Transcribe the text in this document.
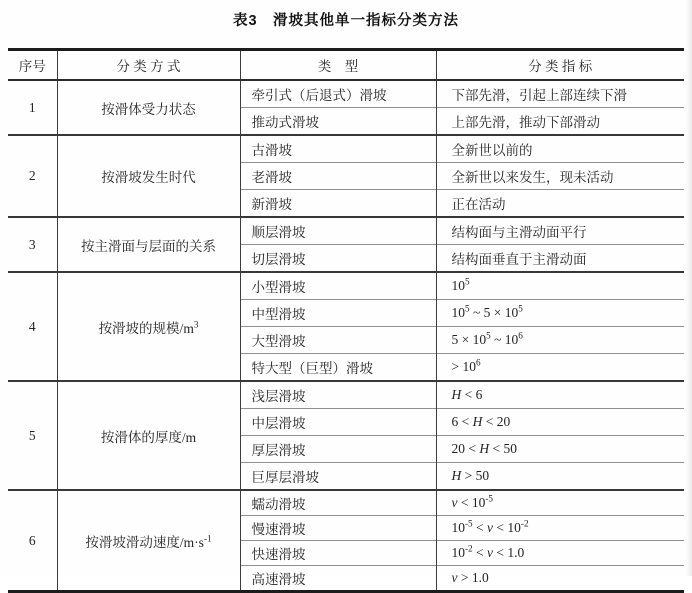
表3　滑坡其他单一指标分类方法
序号	分 类 方 式	类　型	分 类 指 标
1	按滑体受力状态	牵引式（后退式）滑坡	下部先滑，引起上部连续下滑
		推动式滑坡	上部先滑，推动下部滑动
2	按滑坡发生时代	古滑坡	全新世以前的
		老滑坡	全新世以来发生，现未活动
		新滑坡	正在活动
3	按主滑面与层面的关系	顺层滑坡	结构面与主滑动面平行
		切层滑坡	结构面垂直于主滑动面
4	按滑坡的规模$/m^3$	小型滑坡	$10^5$
		中型滑坡	$10^5$ ~ $5 \times 10^5$
		大型滑坡	$5 \times 10^5$ ~ $10^6$
		特大型（巨型）滑坡	> $10^6$
5	按滑体的厚度/m	浅层滑坡	H < 6
		中层滑坡	6 < H < 20
		厚层滑坡	20 < H < 50
		巨厚层滑坡	H > 50
6	按滑坡滑动速度$/m\cdot s^{-1}$	蠕动滑坡	$v < 10^{-5}$
		慢速滑坡	$10^{-5} < v < 10^{-2}$
		快速滑坡	$10^{-2} < v < 1.0$
		高速滑坡	v > 1.0
